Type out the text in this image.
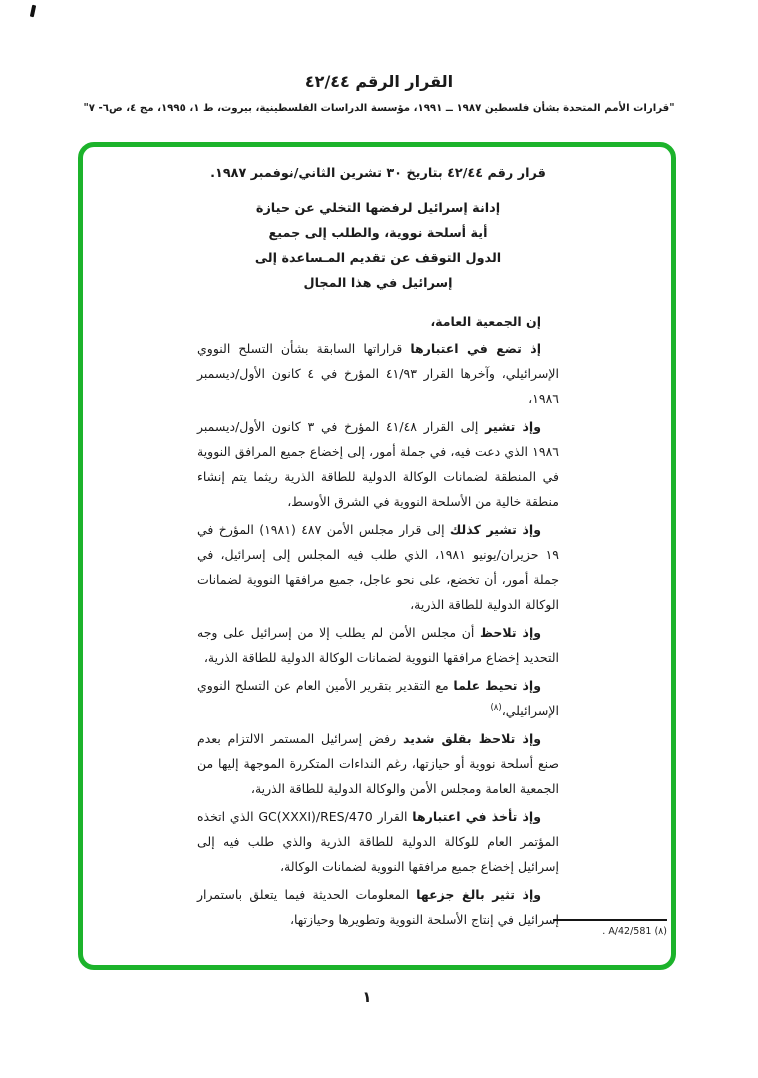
القرار الرقم ٤٢/٤٤
"قرارات الأمم المتحدة بشأن فلسطين ١٩٨٧ ــ ١٩٩١، مؤسسة الدراسات الفلسطينية، بيروت، ط ١، ١٩٩٥، مج ٤، ص٦- ٧"

قرار رقم ٤٢/٤٤ بتاريخ ٣٠ تشرين الثاني/نوفمبر ١٩٨٧.

إدانة إسرائيل لرفضها التخلي عن حيازة
أية أسلحة نووية، والطلب إلى جميع
الدول التوقف عن تقديم المـساعدة إلى
إسرائيل في هذا المجال

إن الجمعية العامة،

إذ تضع في اعتبارها قراراتها السابقة بشأن التسلح النووي الإسرائيلي، وآخرها القرار ٤١/٩٣ المؤرخ في ٤ كانون الأول/ديسمبر ١٩٨٦،

وإذ تشير إلى القرار ٤١/٤٨ المؤرخ في ٣ كانون الأول/ديسمبر ١٩٨٦ الذي دعت فيه، في جملة أمور، إلى إخضاع جميع المرافق النووية في المنطقة لضمانات الوكالة الدولية للطاقة الذرية ريثما يتم إنشاء منطقة خالية من الأسلحة النووية في الشرق الأوسط،

وإذ تشير كذلك إلى قرار مجلس الأمن ٤٨٧ (١٩٨١) المؤرخ في ١٩ حزيران/يونيو ١٩٨١، الذي طلب فيه المجلس إلى إسرائيل، في جملة أمور، أن تخضع، على نحو عاجل، جميع مرافقها النووية لضمانات الوكالة الدولية للطاقة الذرية،

وإذ تلاحظ أن مجلس الأمن لم يطلب إلا من إسرائيل على وجه التحديد إخضاع مرافقها النووية لضمانات الوكالة الدولية للطاقة الذرية،

وإذ تحيط علما مع التقدير بتقرير الأمين العام عن التسلح النووي الإسرائيلي،$^{(٨)}$

وإذ تلاحظ بقلق شديد رفض إسرائيل المستمر الالتزام بعدم صنع أسلحة نووية أو حيازتها، رغم النداءات المتكررة الموجهة إليها من الجمعية العامة ومجلس الأمن والوكالة الدولية للطاقة الذرية،

وإذ تأخذ في اعتبارها القرار GC(XXXI)/RES/470 الذي اتخذه المؤتمر العام للوكالة الدولية للطاقة الذرية والذي طلب فيه إلى إسرائيل إخضاع جميع مرافقها النووية لضمانات الوكالة،

وإذ تثير بالغ جزعها المعلومات الحديثة فيما يتعلق باستمرار إسرائيل في إنتاج الأسلحة النووية وتطويرها وحيازتها،

(٨) A/42/581 .
١
